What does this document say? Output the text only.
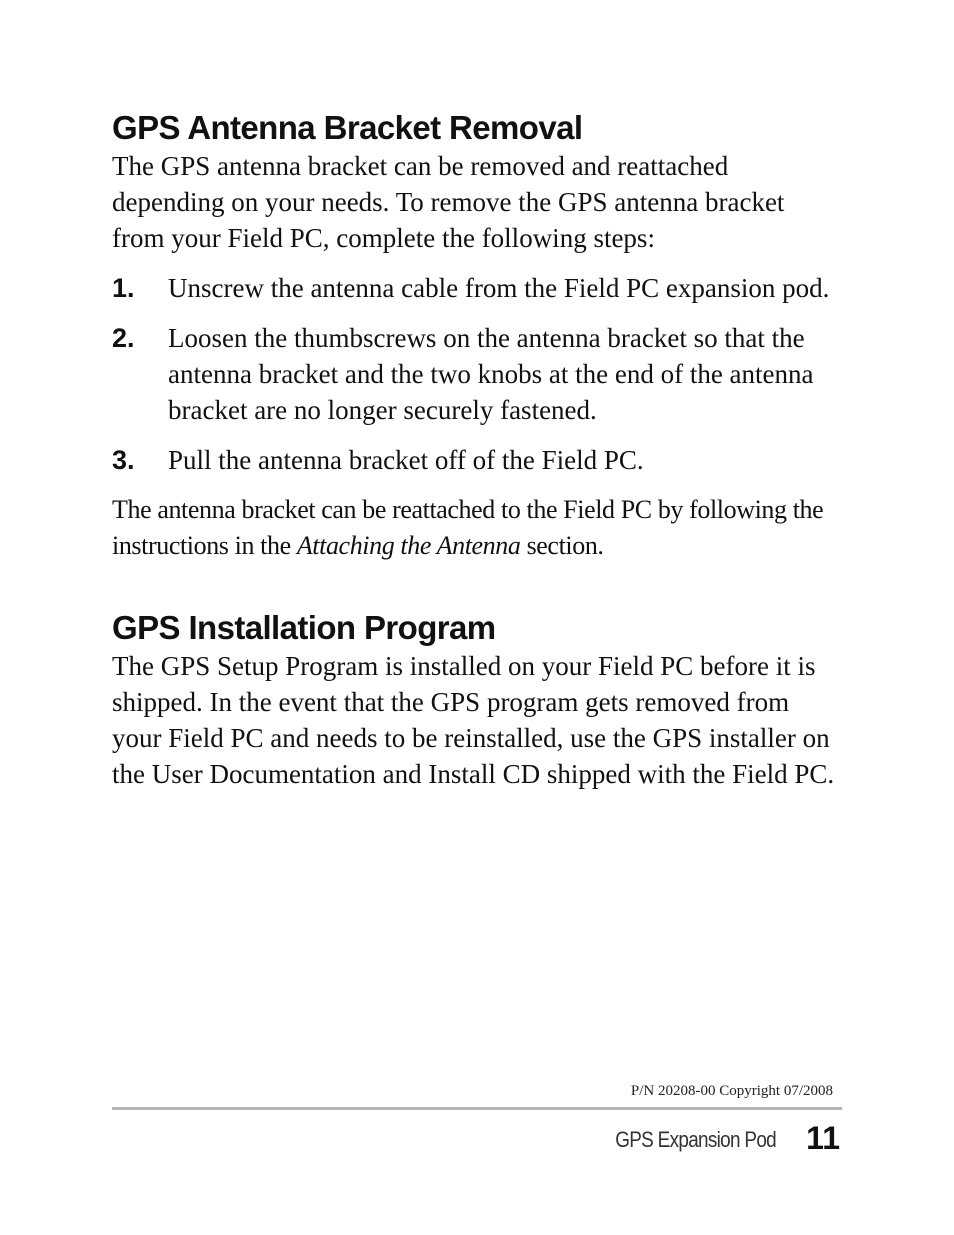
GPS Antenna Bracket Removal

The GPS antenna bracket can be removed and reattached depending on your needs. To remove the GPS antenna bracket from your Field PC, complete the following steps:

1. Unscrew the antenna cable from the Field PC expansion pod.
2. Loosen the thumbscrews on the antenna bracket so that the antenna bracket and the two knobs at the end of the antenna bracket are no longer securely fastened.
3. Pull the antenna bracket off of the Field PC.

The antenna bracket can be reattached to the Field PC by following the instructions in the Attaching the Antenna section.

GPS Installation Program

The GPS Setup Program is installed on your Field PC before it is shipped. In the event that the GPS program gets removed from your Field PC and needs to be reinstalled, use the GPS installer on the User Documentation and Install CD shipped with the Field PC.

P/N 20208-00 Copyright 07/2008
GPS Expansion Pod 11
